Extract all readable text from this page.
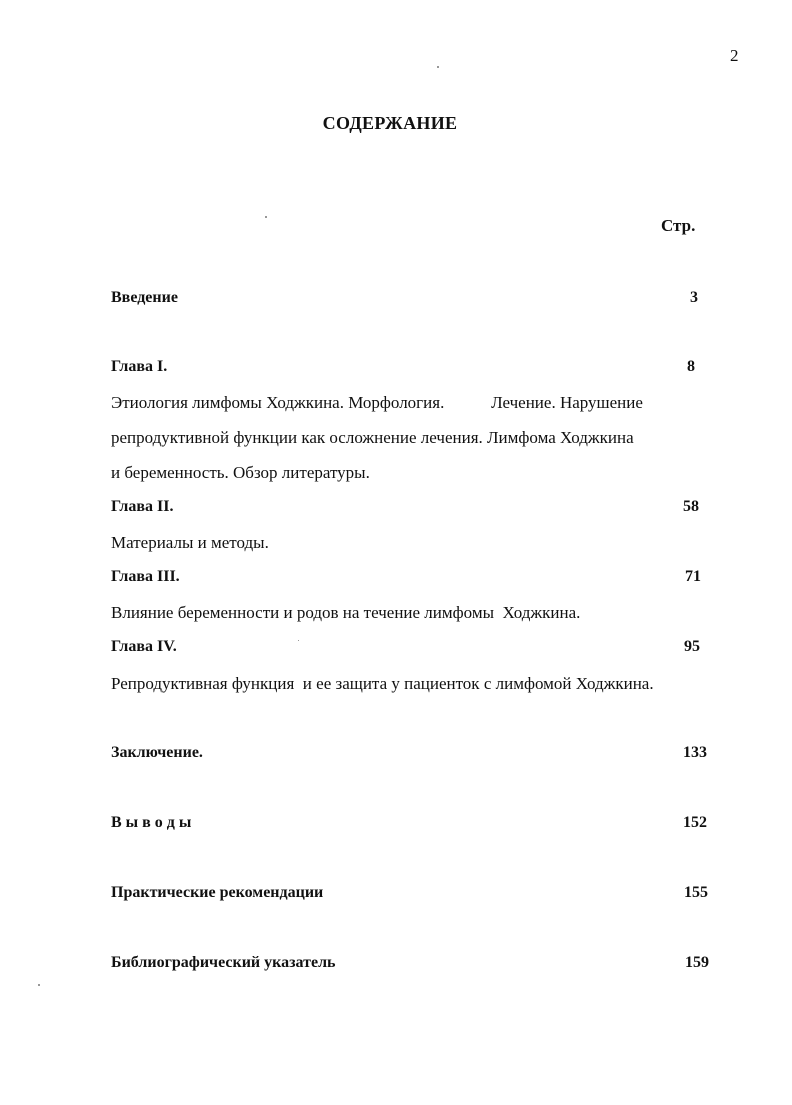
2
СОДЕРЖАНИЕ
Стр.
Введение	3
Глава I.	8
Этиология лимфомы Ходжкина. Морфология.           Лечение. Нарушение
репродуктивной функции как осложнение лечения. Лимфома Ходжкина
и беременность. Обзор литературы.
Глава II.	58
Материалы и методы.
Глава III.	71
Влияние беременности и родов на течение лимфомы  Ходжкина.
Глава IV.	95
Репродуктивная функция  и ее защита у пациенток с лимфомой Ходжкина.
Заключение.	133
В ы в о д ы	152
Практические рекомендации	155
Библиографический указатель	159
